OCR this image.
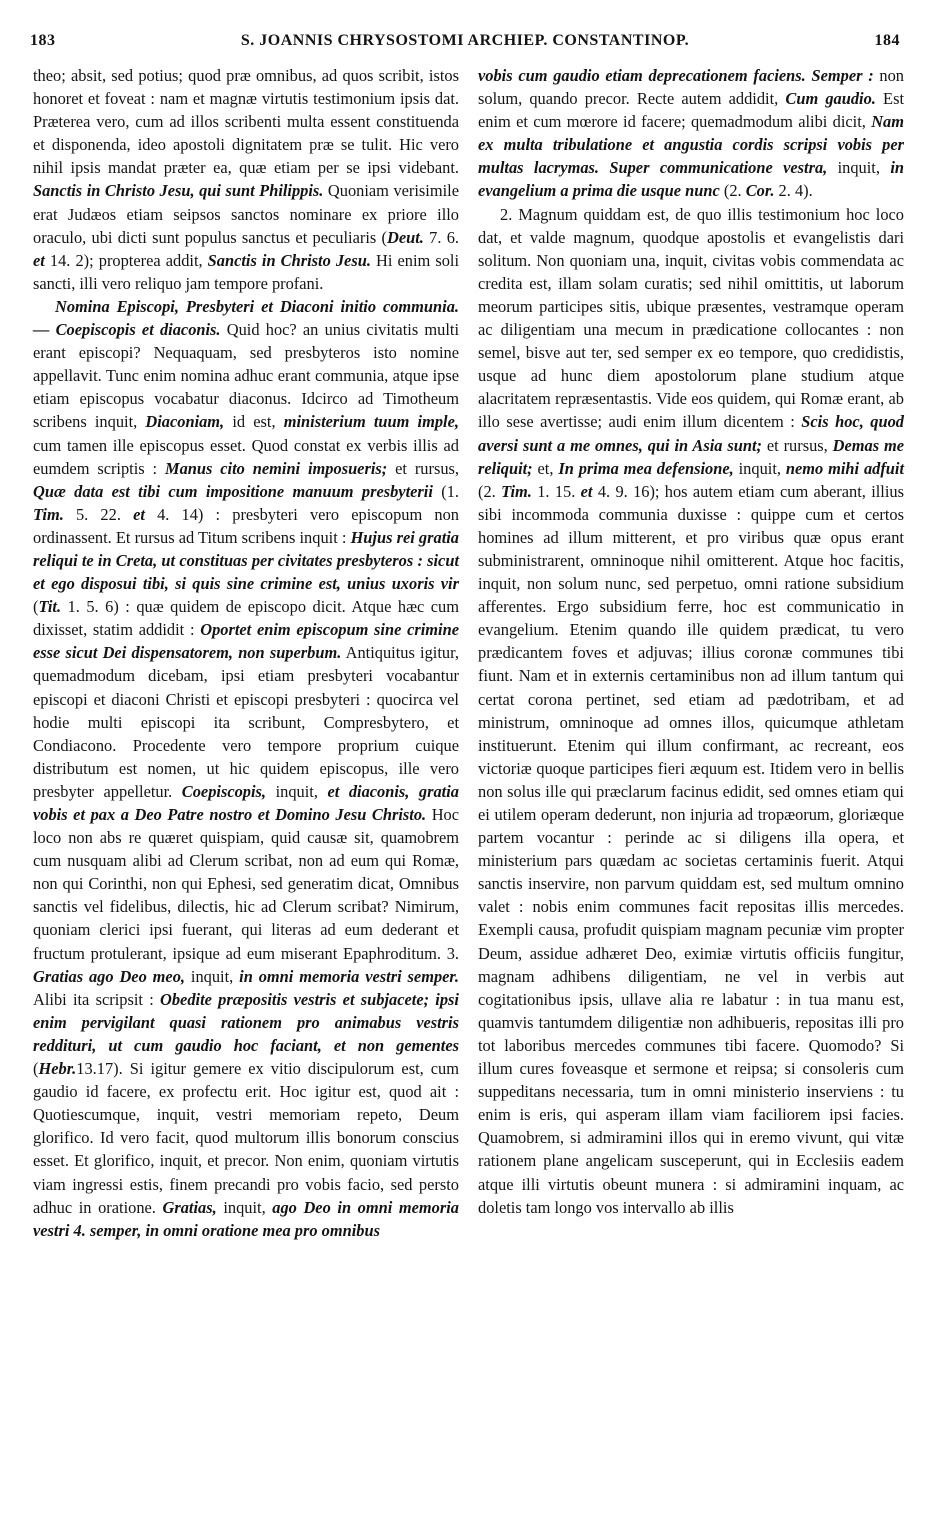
183	S. JOANNIS CHRYSOSTOMI ARCHIEP. CONSTANTINOP.	184

theo; absit, sed potius; quod præ omnibus, ad quos scribit, istos honoret et foveat : nam et magnæ virtutis testimonium ipsis dat. Præterea vero, cum ad illos scribenti multa essent constituenda et disponenda, ideo apostoli dignitatem præ se tulit. Hic vero nihil ipsis mandat præter ea, quæ etiam per se ipsi videbant. Sanctis in Christo Jesu, qui sunt Philippis. Quoniam verisimile erat Judæos etiam seipsos sanctos nominare ex priore illo oraculo, ubi dicti sunt populus sanctus et peculiaris (Deut. 7. 6. et 14. 2); propterea addit, Sanctis in Christo Jesu. Hi enim soli sancti, illi vero reliquo jam tempore profani.

Nomina Episcopi, Presbyteri et Diaconi initio communia. — Coepiscopis et diaconis. Quid hoc? an unius civitatis multi erant episcopi? Nequaquam, sed presbyteros isto nomine appellavit. Tunc enim nomina adhuc erant communia, atque ipse etiam episcopus vocabatur diaconus. Idcirco ad Timotheum scribens inquit, Diaconiam, id est, ministerium tuum imple, cum tamen ille episcopus esset. Quod constat ex verbis illis ad eumdem scriptis : Manus cito nemini imposueris; et rursus, Quæ data est tibi cum impositione manuum presbyterii (1. Tim. 5. 22. et 4. 14) : presbyteri vero episcopum non ordinassent. Et rursus ad Titum scribens inquit : Hujus rei gratia reliqui te in Creta, ut constituas per civitates presbyteros : sicut et ego disposui tibi, si quis sine crimine est, unius uxoris vir (Tit. 1. 5. 6) : quæ quidem de episcopo dicit. Atque hæc cum dixisset, statim addidit : Oportet enim episcopum sine crimine esse sicut Dei dispensatorem, non superbum. Antiquitus igitur, quemadmodum dicebam, ipsi etiam presbyteri vocabantur episcopi et diaconi Christi et episcopi presbyteri : quocirca vel hodie multi episcopi ita scribunt, Compresbytero, et Condiacono. Procedente vero tempore proprium cuique distributum est nomen, ut hic quidem episcopus, ille vero presbyter appelletur. Coepiscopis, inquit, et diaconis, gratia vobis et pax a Deo Patre nostro et Domino Jesu Christo. Hoc loco non abs re quæret quispiam, quid causæ sit, quamobrem cum nusquam alibi ad Clerum scribat, non ad eum qui Romæ, non qui Corinthi, non qui Ephesi, sed generatim dicat, Omnibus sanctis vel fidelibus, dilectis, hic ad Clerum scribat? Nimirum, quoniam clerici ipsi fuerant, qui literas ad eum dederant et fructum protulerant, ipsique ad eum miserant Epaphroditum. 3. Gratias ago Deo meo, inquit, in omni memoria vestri semper. Alibi ita scripsit : Obedite præpositis vestris et subjacete; ipsi enim pervigilant quasi rationem pro animabus vestris reddituri, ut cum gaudio hoc faciant, et non gementes (Hebr.13.17). Si igitur gemere ex vitio discipulorum est, cum gaudio id facere, ex profectu erit. Hoc igitur est, quod ait : Quotiescumque, inquit, vestri memoriam repeto, Deum glorifico. Id vero facit, quod multorum illis bonorum conscius esset. Et glorifico, inquit, et precor. Non enim, quoniam virtutis viam ingressi estis, finem precandi pro vobis facio, sed persto adhuc in oratione. Gratias, inquit, ago Deo in omni memoria vestri 4. semper, in omni oratione mea pro omnibus

vobis cum gaudio etiam deprecationem faciens. Semper : non solum, quando precor. Recte autem addidit, Cum gaudio. Est enim et cum mœrore id facere; quemadmodum alibi dicit, Nam ex multa tribulatione et angustia cordis scripsi vobis per multas lacrymas. Super communicatione vestra, inquit, in evangelium a prima die usque nunc (2. Cor. 2. 4).

2. Magnum quiddam est, de quo illis testimonium hoc loco dat, et valde magnum, quodque apostolis et evangelistis dari solitum. Non quoniam una, inquit, civitas vobis commendata ac credita est, illam solam curatis; sed nihil omittitis, ut laborum meorum participes sitis, ubique præsentes, vestramque operam ac diligentiam una mecum in prædicatione collocantes : non semel, bisve aut ter, sed semper ex eo tempore, quo credidistis, usque ad hunc diem apostolorum plane studium atque alacritatem repræsentastis. Vide eos quidem, qui Romæ erant, ab illo sese avertisse; audi enim illum dicentem : Scis hoc, quod aversi sunt a me omnes, qui in Asia sunt; et rursus, Demas me reliquit; et, In prima mea defensione, inquit, nemo mihi adfuit (2. Tim. 1. 15. et 4. 9. 16); hos autem etiam cum aberant, illius sibi incommoda communia duxisse : quippe cum et certos homines ad illum mitterent, et pro viribus quæ opus erant subministrarent, omninoque nihil omitterent. Atque hoc facitis, inquit, non solum nunc, sed perpetuo, omni ratione subsidium afferentes. Ergo subsidium ferre, hoc est communicatio in evangelium. Etenim quando ille quidem prædicat, tu vero prædicantem foves et adjuvas; illius coronæ communes tibi fiunt. Nam et in externis certaminibus non ad illum tantum qui certat corona pertinet, sed etiam ad pædotribam, et ad ministrum, omninoque ad omnes illos, quicumque athletam instituerunt. Etenim qui illum confirmant, ac recreant, eos victoriæ quoque participes fieri æquum est. Itidem vero in bellis non solus ille qui præclarum facinus edidit, sed omnes etiam qui ei utilem operam dederunt, non injuria ad tropæorum, gloriæque partem vocantur : perinde ac si diligens illa opera, et ministerium pars quædam ac societas certaminis fuerit. Atqui sanctis inservire, non parvum quiddam est, sed multum omnino valet : nobis enim communes facit repositas illis mercedes. Exempli causa, profudit quispiam magnam pecuniæ vim propter Deum, assidue adhæret Deo, eximiæ virtutis officiis fungitur, magnam adhibens diligentiam, ne vel in verbis aut cogitationibus ipsis, ullave alia re labatur : in tua manu est, quamvis tantumdem diligentiæ non adhibueris, repositas illi pro tot laboribus mercedes communes tibi facere. Quomodo? Si illum cures foveasque et sermone et reipsa; si consoleris cum suppeditans necessaria, tum in omni ministerio inserviens : tu enim is eris, qui asperam illam viam faciliorem ipsi facies. Quamobrem, si admiramini illos qui in eremo vivunt, qui vitæ rationem plane angelicam susceperunt, qui in Ecclesiis eadem atque illi virtutis obeunt munera : si admiramini inquam, ac doletis tam longo vos intervallo ab illis
